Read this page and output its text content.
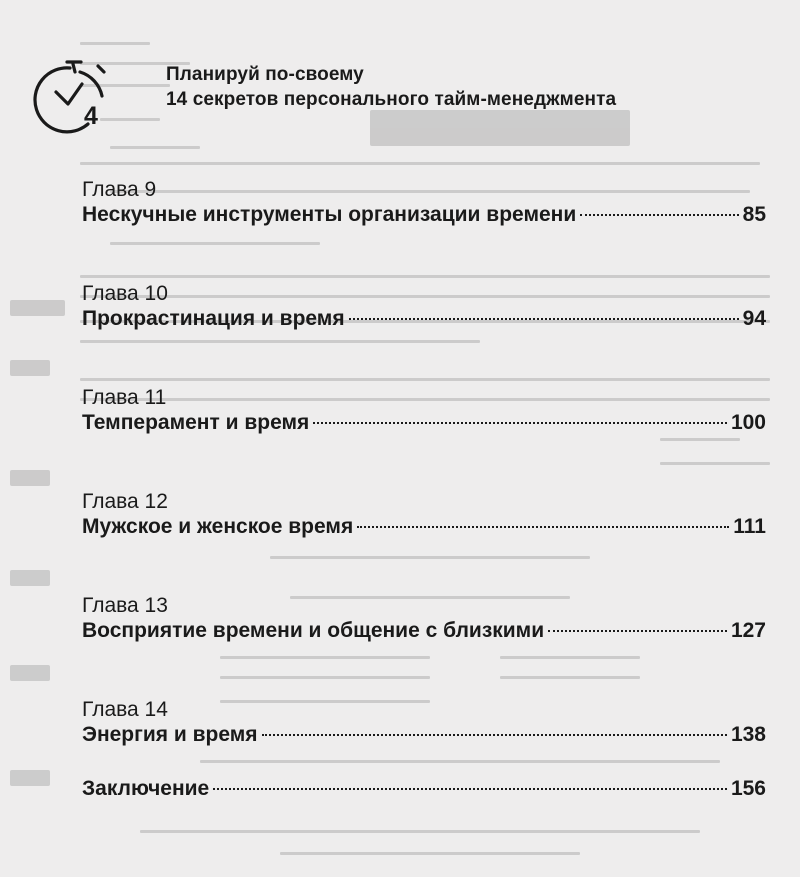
4
Планируй по-своему
14 секретов персонального тайм-менеджмента
Глава 9
Нескучные инструменты организации времени	85
Глава 10
Прокрастинация и время	94
Глава 11
Темперамент и время	100
Глава 12
Мужское и женское время	111
Глава 13
Восприятие времени и общение с близкими	127
Глава 14
Энергия и время	138
Заключение	156
